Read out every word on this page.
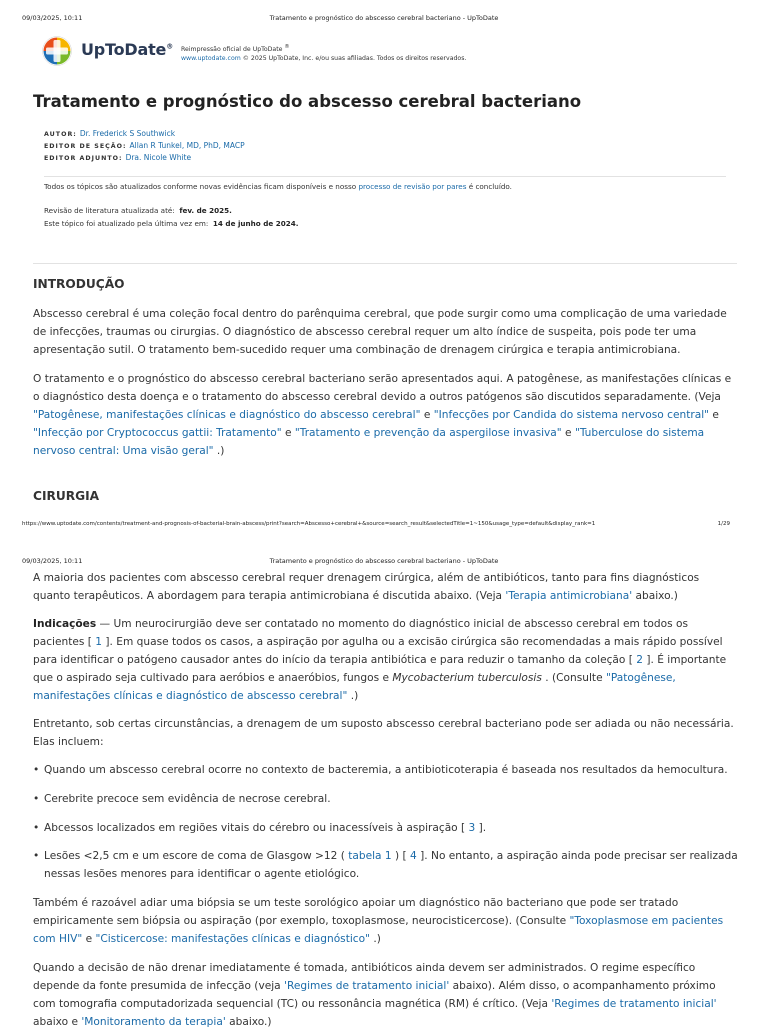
09/03/2025, 10:11	Tratamento e prognóstico do abscesso cerebral bacteriano - UpToDate
UpToDate® Reimpressão oficial de UpToDate ®
www.uptodate.com © 2025 UpToDate, Inc. e/ou suas afiliadas. Todos os direitos reservados.
Tratamento e prognóstico do abscesso cerebral bacteriano
AUTOR: Dr. Frederick S Southwick
EDITOR DE SEÇÃO: Allan R Tunkel, MD, PhD, MACP
EDITOR ADJUNTO: Dra. Nicole White
Todos os tópicos são atualizados conforme novas evidências ficam disponíveis e nosso processo de revisão por pares é concluído.
Revisão de literatura atualizada até: fev. de 2025.
Este tópico foi atualizado pela última vez em: 14 de junho de 2024.
INTRODUÇÃO

Abscesso cerebral é uma coleção focal dentro do parênquima cerebral, que pode surgir como uma complicação de uma variedade de infecções, traumas ou cirurgias. O diagnóstico de abscesso cerebral requer um alto índice de suspeita, pois pode ter uma apresentação sutil. O tratamento bem-sucedido requer uma combinação de drenagem cirúrgica e terapia antimicrobiana.

O tratamento e o prognóstico do abscesso cerebral bacteriano serão apresentados aqui. A patogênese, as manifestações clínicas e o diagnóstico desta doença e o tratamento do abscesso cerebral devido a outros patógenos são discutidos separadamente. (Veja "Patogênese, manifestações clínicas e diagnóstico do abscesso cerebral" e "Infecções por Candida do sistema nervoso central" e "Infecção por Cryptococcus gattii: Tratamento" e "Tratamento e prevenção da aspergilose invasiva" e "Tuberculose do sistema nervoso central: Uma visão geral" .)

CIRURGIA
https://www.uptodate.com/contents/treatment-and-prognosis-of-bacterial-brain-abscess/print?search=Abscesso+cerebral+&source=search_result&selectedTitle=1~150&usage_type=default&display_rank=1	1/29
09/03/2025, 10:11	Tratamento e prognóstico do abscesso cerebral bacteriano - UpToDate

A maioria dos pacientes com abscesso cerebral requer drenagem cirúrgica, além de antibióticos, tanto para fins diagnósticos quanto terapêuticos. A abordagem para terapia antimicrobiana é discutida abaixo. (Veja 'Terapia antimicrobiana' abaixo.)

Indicações — Um neurocirurgião deve ser contatado no momento do diagnóstico inicial de abscesso cerebral em todos os pacientes [ 1 ]. Em quase todos os casos, a aspiração por agulha ou a excisão cirúrgica são recomendadas a mais rápido possível para identificar o patógeno causador antes do início da terapia antibiótica e para reduzir o tamanho da coleção [ 2 ]. É importante que o aspirado seja cultivado para aeróbios e anaeróbios, fungos e Mycobacterium tuberculosis . (Consulte "Patogênese, manifestações clínicas e diagnóstico de abscesso cerebral" .)

Entretanto, sob certas circunstâncias, a drenagem de um suposto abscesso cerebral bacteriano pode ser adiada ou não necessária. Elas incluem:

• Quando um abscesso cerebral ocorre no contexto de bacteremia, a antibioticoterapia é baseada nos resultados da hemocultura.
• Cerebrite precoce sem evidência de necrose cerebral.
• Abcessos localizados em regiões vitais do cérebro ou inacessíveis à aspiração [ 3 ].
• Lesões <2,5 cm e um escore de coma de Glasgow >12 ( tabela 1 ) [ 4 ]. No entanto, a aspiração ainda pode precisar ser realizada nessas lesões menores para identificar o agente etiológico.

Também é razoável adiar uma biópsia se um teste sorológico apoiar um diagnóstico não bacteriano que pode ser tratado empiricamente sem biópsia ou aspiração (por exemplo, toxoplasmose, neurocisticercose). (Consulte "Toxoplasmose em pacientes com HIV" e "Cisticercose: manifestações clínicas e diagnóstico" .)

Quando a decisão de não drenar imediatamente é tomada, antibióticos ainda devem ser administrados. O regime específico depende da fonte presumida de infecção (veja 'Regimes de tratamento inicial' abaixo). Além disso, o acompanhamento próximo com tomografia computadorizada sequencial (TC) ou ressonância magnética (RM) é crítico. (Veja 'Regimes de tratamento inicial' abaixo e 'Monitoramento da terapia' abaixo.)
